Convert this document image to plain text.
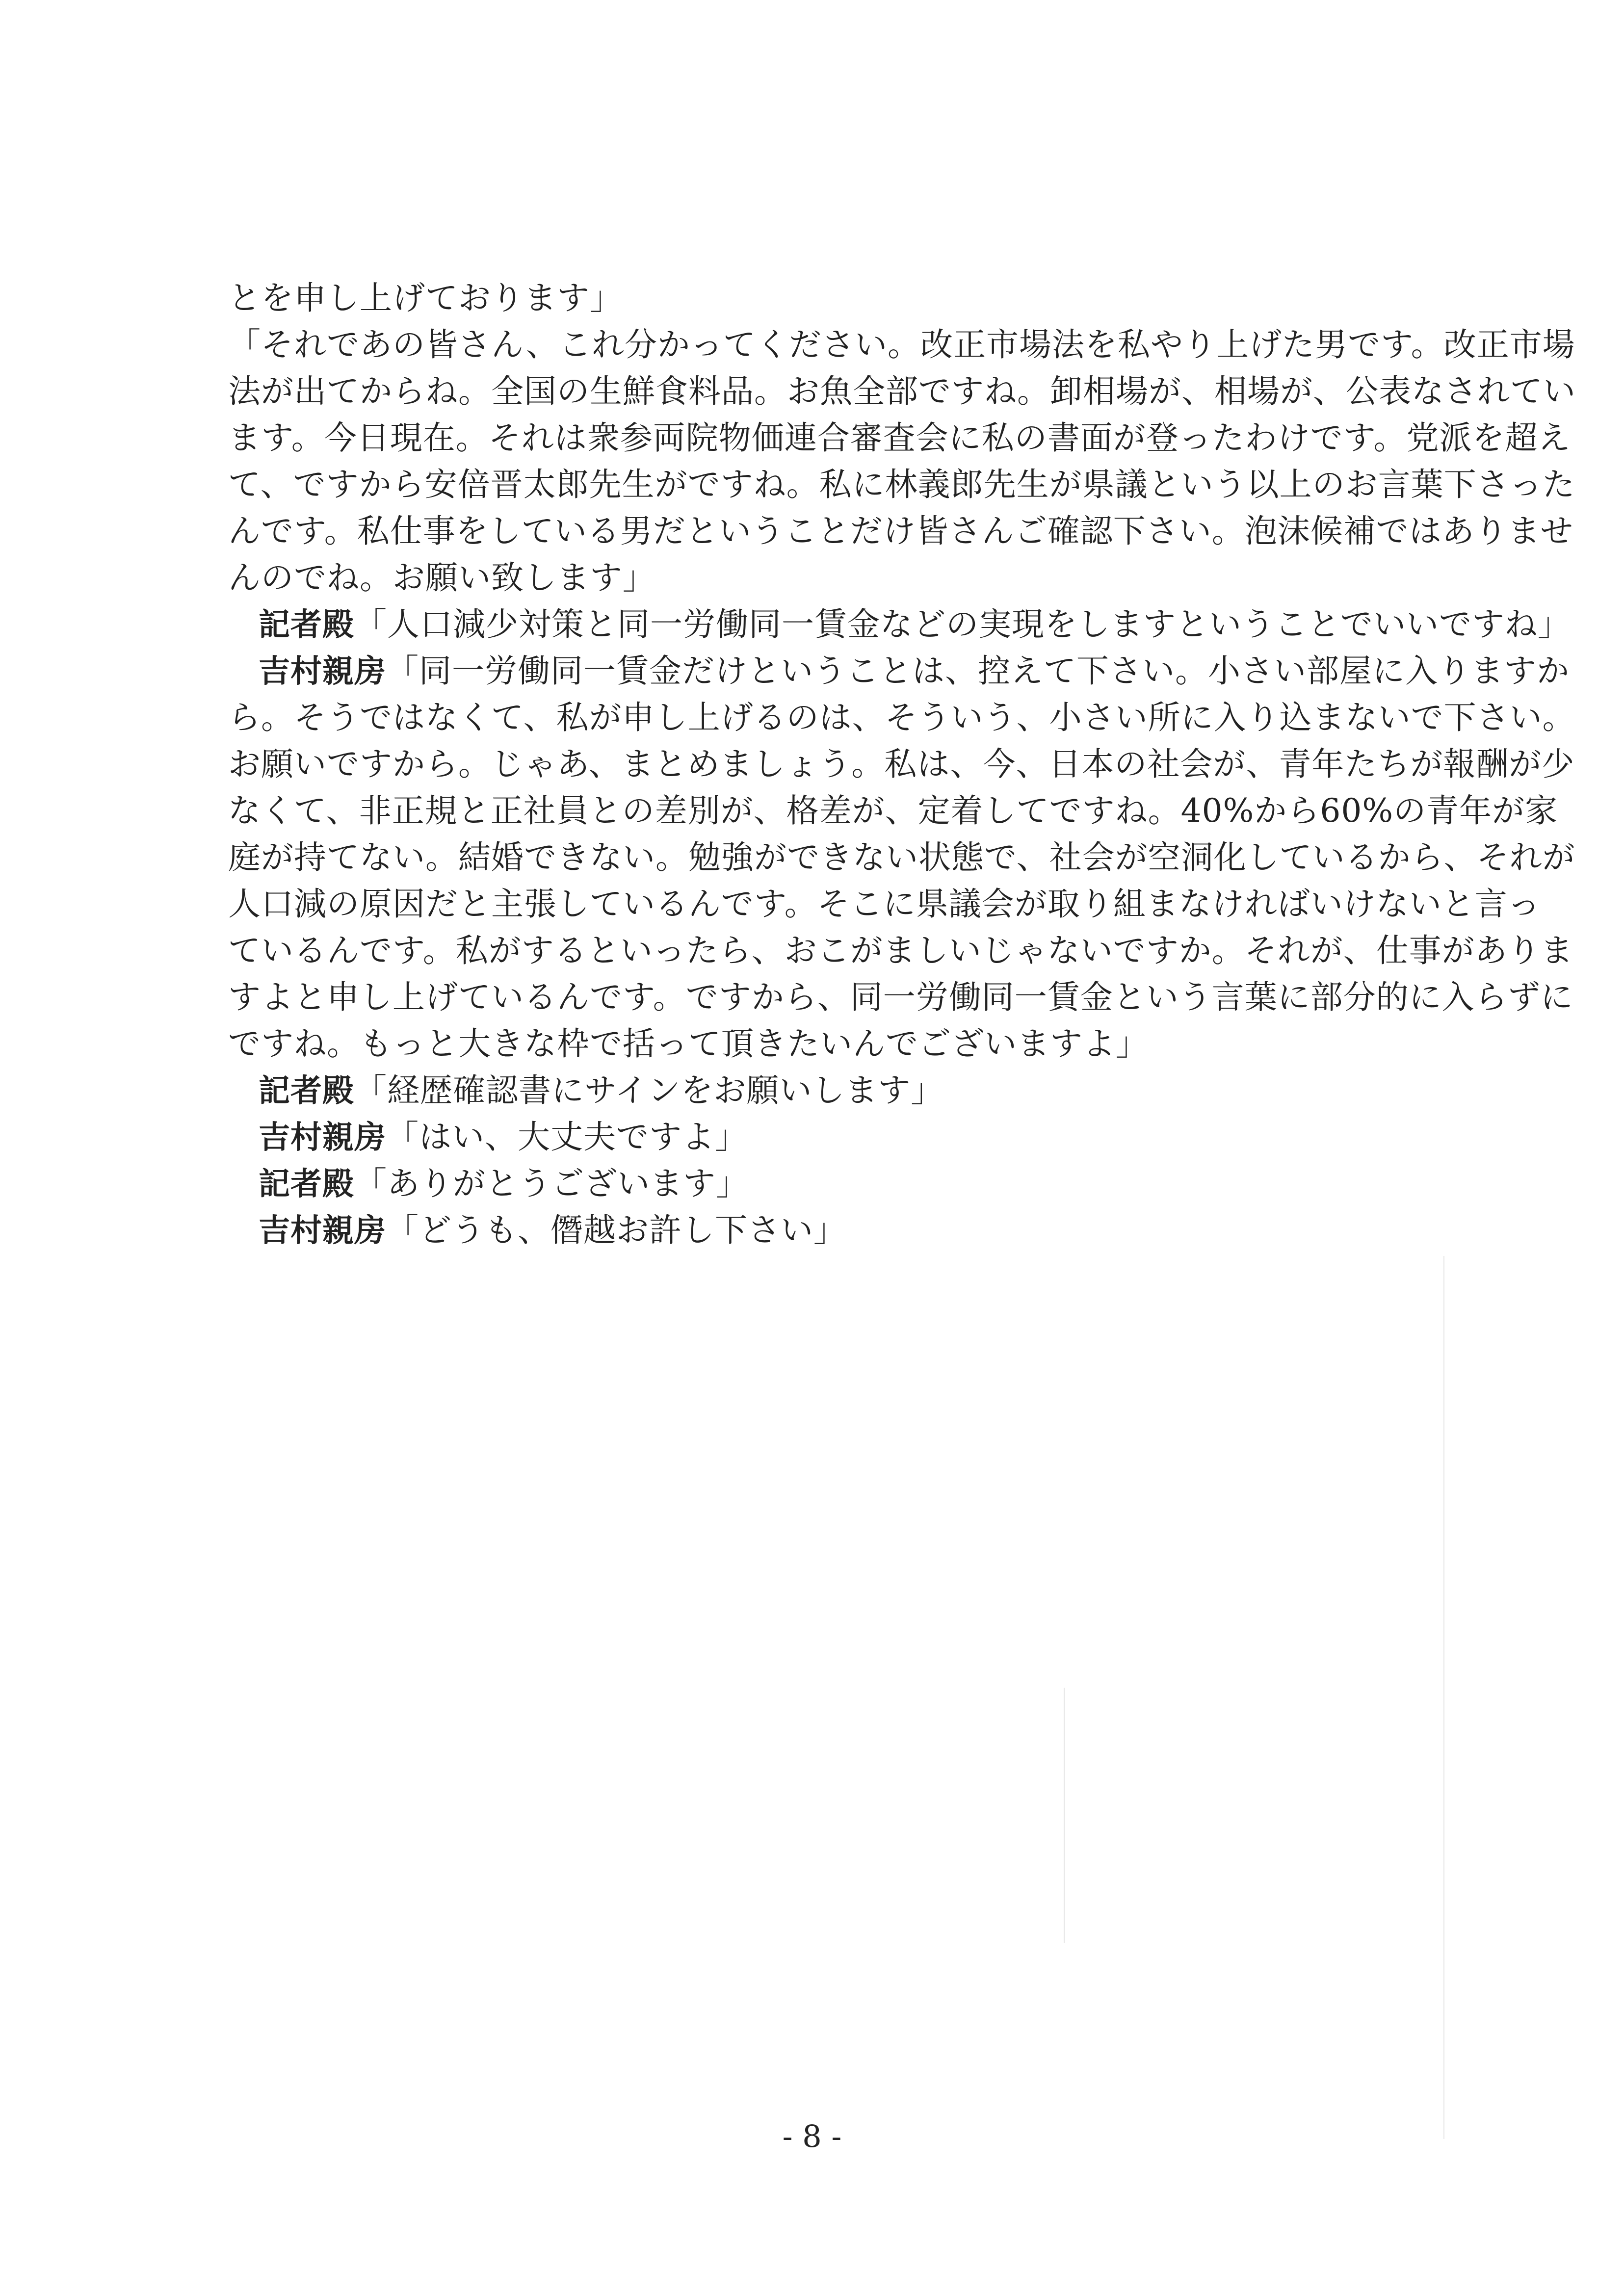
とを申し上げております」
「それであの皆さん、これ分かってください。改正市場法を私やり上げた男です。改正市場
法が出てからね。全国の生鮮食料品。お魚全部ですね。卸相場が、相場が、公表なされてい
ます。今日現在。それは衆参両院物価連合審査会に私の書面が登ったわけです。党派を超え
て、ですから安倍晋太郎先生がですね。私に林義郎先生が県議という以上のお言葉下さった
んです。私仕事をしている男だということだけ皆さんご確認下さい。泡沫候補ではありませ
んのでね。お願い致します」
記者殿「人口減少対策と同一労働同一賃金などの実現をしますということでいいですね」
吉村親房「同一労働同一賃金だけということは、控えて下さい。小さい部屋に入りますか
ら。そうではなくて、私が申し上げるのは、そういう、小さい所に入り込まないで下さい。
お願いですから。じゃあ、まとめましょう。私は、今、日本の社会が、青年たちが報酬が少
なくて、非正規と正社員との差別が、格差が、定着してですね。40%から60%の青年が家
庭が持てない。結婚できない。勉強ができない状態で、社会が空洞化しているから、それが
人口減の原因だと主張しているんです。そこに県議会が取り組まなければいけないと言っ
ているんです。私がするといったら、おこがましいじゃないですか。それが、仕事がありま
すよと申し上げているんです。ですから、同一労働同一賃金という言葉に部分的に入らずに
ですね。もっと大きな枠で括って頂きたいんでございますよ」
記者殿「経歴確認書にサインをお願いします」
吉村親房「はい、大丈夫ですよ」
記者殿「ありがとうございます」
吉村親房「どうも、僭越お許し下さい」
- 8 -
